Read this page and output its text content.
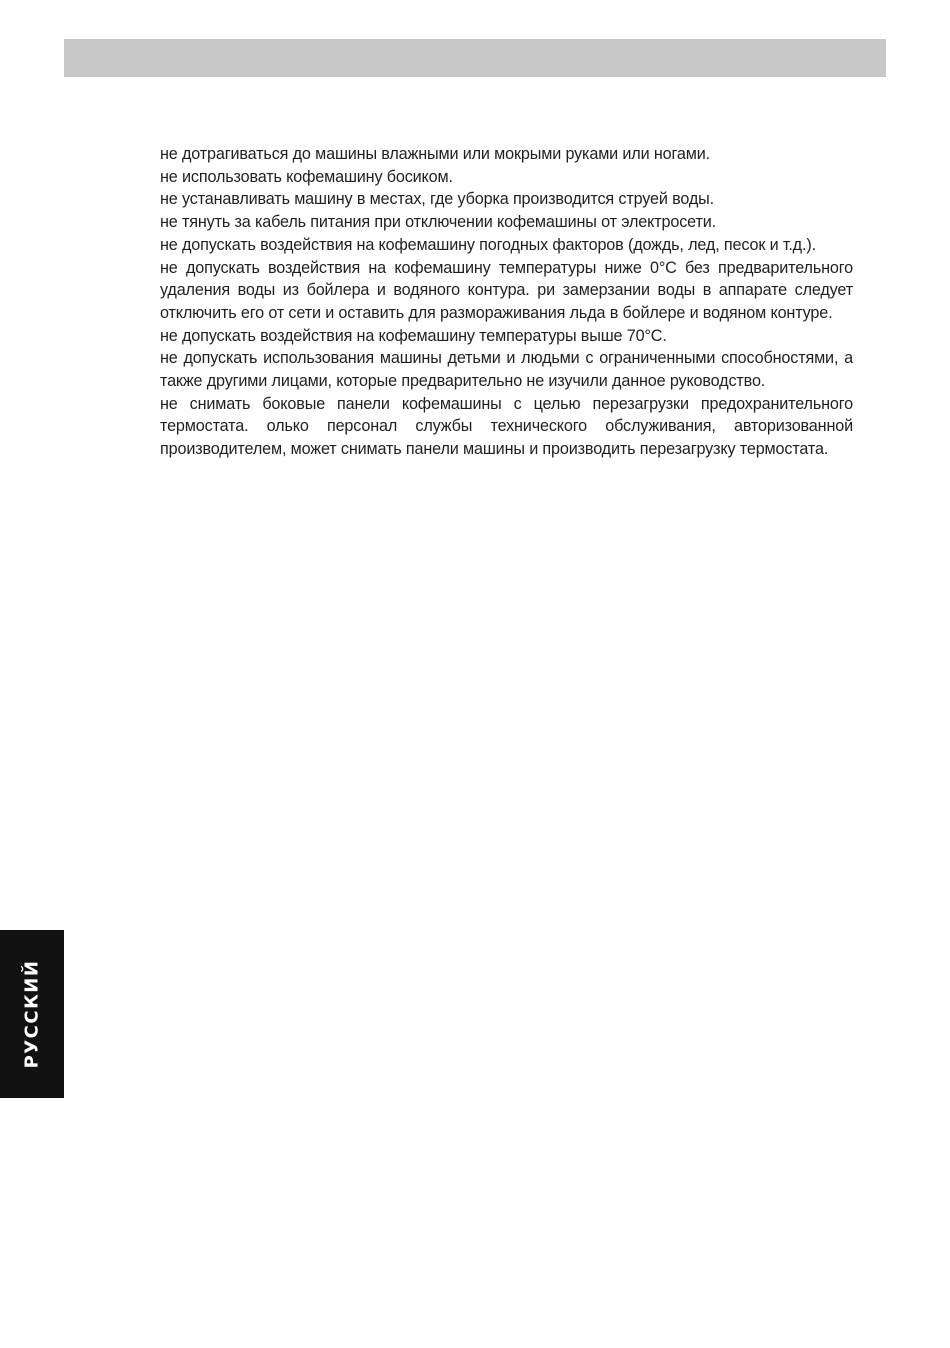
не дотрагиваться до машины влажными или мокрыми руками или ногами.

не использовать кофемашину босиком.

не устанавливать машину в местах, где уборка производится струей воды.

не тянуть за кабель питания при отключении кофемашины от электросети.

не допускать воздействия на кофемашину погодных факторов (дождь, лед, песок и т.д.).

не допускать воздействия на кофемашину температуры ниже 0°C без предварительного удаления воды из бойлера и водяного контура. ри замерзании воды в аппарате следует отключить его от сети и оставить для размораживания льда в бойлере и водяном контуре.

не допускать воздействия на кофемашину температуры выше 70°C.

не допускать использования машины детьми и людьми с ограниченными способностями, а также другими лицами, которые предварительно не изучили данное руководство.

не снимать боковые панели кофемашины с целью перезагрузки предохранительного термостата. олько персонал службы технического обслуживания, авторизованной производителем, может снимать панели машины и производить перезагрузку термостата.

РУССКИЙ
